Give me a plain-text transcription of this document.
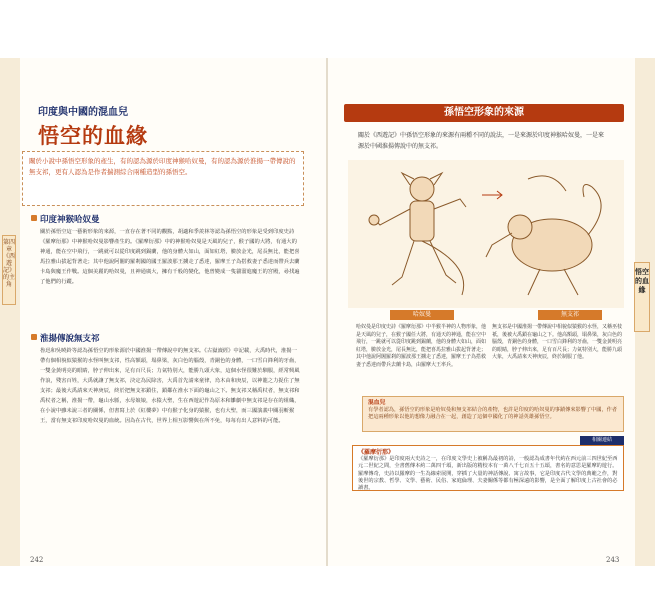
第四章《西遊記》的主角
印度與中國的混血兒
悟空的血緣
關於小說中孫悟空形象的產生，有的認為源於印度神猴哈奴曼，有的認為源於淮揚一帶傳說的無支祁，更有人認為是作者揣測綜合兩種造型的孫悟空。
印度神猴哈奴曼
關於孫悟空這一藝術形象的來源，一直存在著不同的觀點，胡適和季羨林等認為孫悟空的形象是受到印度史詩《羅摩衍那》中神猴哈奴曼影響產生的。《羅摩衍那》中的神猴哈奴曼是天風的兒子，猴子國的大將，有通大的神通，能在空中飛行，一跳就可以從印度跳到錫蘭，他的身體大如山，面如紅塔，臉放金光，尾長無比，能把喜馬拉雅山拔起背著走；其中他說阿闍的羅剎國的國王羅波那王擄走了悉達，羅摩王子為搭救妻子悉達而帶兵去蘭卡島與魔王作戰。這個美麗的哈奴曼，且神通廣大，擁有千般的變化，他曾變成一隻貓溜進魔王的宮殿，尋找遍了他們的行蹤。
淮揚傳說無支祁
魯迅和吳曉鈴等認為孫悟空的形象源於中國淮揚一帶傳說中的無支祁。《古嶽瀆經》中記載，大禹時代，淮揚一帶有個相貌似猿猴的水怪叫無支祁，性高額頭，塌鼻梁，灰白色的腦殼，青銅色的身體，一口雪白鋒利的牙齒，一雙金黃明亮的眼睛，脖子伸出來，足有百尺長；力氣特別大，能勝九頭大象，這個水怪很難於馴服，經常興風作浪，殘害百姓，大禹就讓了無支祁，決定為民除害，大禹首先請來童律，烏木由和庚辰，以神龍之力捉住了無支祁；最後大禹請來天神庚辰，終於把無支祁鎖住，鎖鄰在淮水下面的龜山之下。無支祁又稱禹杖者，無支祁和禹杖者之稱，淮揚一帶，龜山水脈，水母娘娘，水猿大聖，生在西遊記作為原本和雛劇中無支祁是存在的組織，在小說中雖未說三者的關係，但書寫上於《紅樓夢》中有猴子化身的猿猴，也有大聖，而三國演義中關羽斬猴王，當有無支祁印度哈奴曼的血統。因為在古代，世界上相互影響與在所不免，每每有出人意料的可能。
242
孫悟空形象的來源
關於《西遊記》中孫悟空形象的來源有兩種不同的說法，一是來源於印度神猴哈奴曼，一是來源於中國淮揚傳說中的無支祁。
哈奴曼	無支祁
哈奴曼是印度史詩《羅摩衍那》中半猴半神的人物形象，他是天風的兒子，在猴子國任大將，有通天的神通，能在空中飛行，一跳就可以從印度跳到錫蘭，他的身體大如山，面如紅塔，臉放金光，尾長無比，能把喜馬拉雅山拔起背著走；其中他說阿闍羅剎的羅波那王擄走了悉達，羅摩王子為搭救妻子悉達而帶兵去蘭卡島，由羅摩大王率兵。
無支祁是中國淮揚一帶傳說中相貌似猿猴的水怪，又稱巫枝祇，後被大禹鎖在龜山之下。他高額頭，塌鼻梁，灰白色的腦殼，青銅色的身體，一口雪白鋒利的牙齒，一雙金黃明亮的眼睛，脖子伸出來，足有百尺長；力氣特別大，能勝九頭大象，大禹請來天神庚辰，終於制服了他。
混血兒
有學者認為，孫悟空的形象是哈奴曼和無支祁結合的產物，也許是印度的哈奴曼的事蹟傳來影響了中國，作者把這兩種形象以他的想像力融合在一起，創造了這個中國化了的神話英雄孫悟空。
相關連結
《羅摩衍那》
《羅摩衍那》是印度兩大史詩之一，在印度文學史上被稱為最初的詩，一般認為成書年代約在西元前三四世紀至西元二世紀之間，全書舊傳本約二萬四千頌，新出版的精校本有一萬八千七百五十五頌，書名的意思是羅摩的遊行。羅摩傳奇，史詩以羅摩的一生為線索展開，穿插了大量的神話傳說、寓言故事，它是印度古代文學的典範之作，對後世的宗教、哲學、文學、藝術、民俗、家庭倫理、夫妻關係等都有極深遠的影響，是全面了解印度上古社會的必讀書。
悟空的血緣
243
